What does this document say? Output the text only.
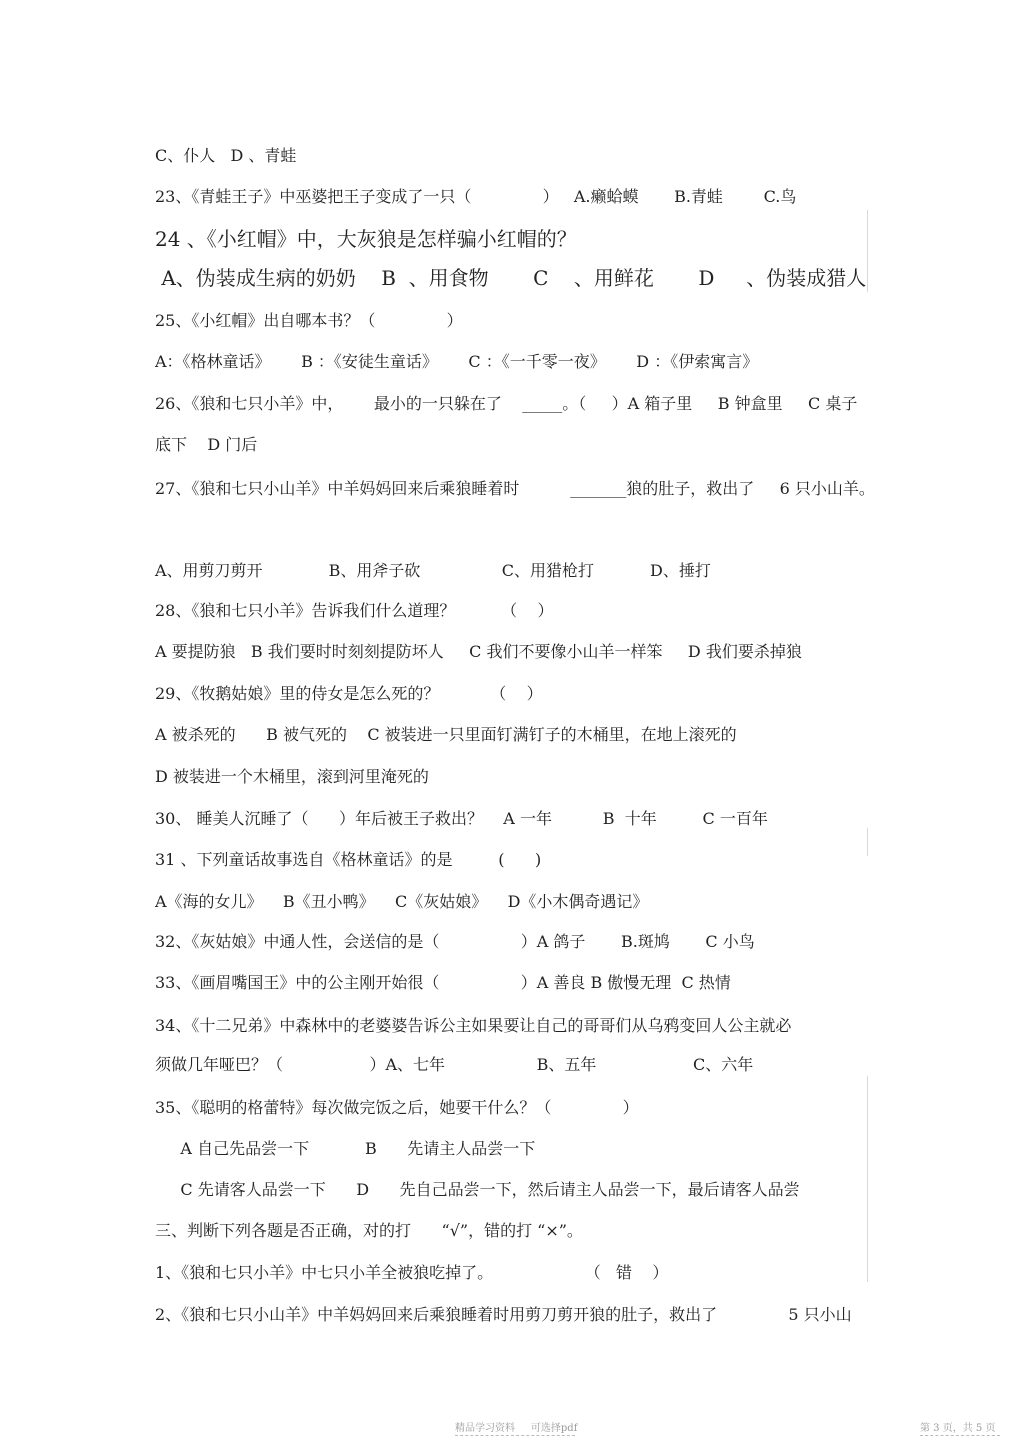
C、仆人   D 、青蛙
23、《青蛙王子》中巫婆把王子变成了一只（              ）   A.癞蛤蟆       B.青蛙        C.鸟
24 、《小红帽》中，大灰狼是怎样骗小红帽的？
A、伪装成生病的奶奶    B  、用食物       C    、用鲜花       D     、伪装成猎人
25、《小红帽》出自哪本书？（              ）
A：《格林童话》      B ：《安徒生童话》      C ：《一千零一夜》      D ：《伊索寓言》
26、《狼和七只小羊》中，      最小的一只躲在了    _____。（     ）A 箱子里     B 钟盒里     C 桌子
底下    D 门后
27、《狼和七只小山羊》中羊妈妈回来后乘狼睡着时          _______狼的肚子，救出了     6 只小山羊。
A、用剪刀剪开             B、用斧子砍                C、用猎枪打           D、捶打
28、《狼和七只小羊》告诉我们什么道理？         （    ）
A 要提防狼   B 我们要时时刻刻提防坏人     C 我们不要像小山羊一样笨     D 我们要杀掉狼
29、《牧鹅姑娘》里的侍女是怎么死的？          （    ）
A 被杀死的      B 被气死的    C 被装进一只里面钉满钉子的木桶里，在地上滚死的
D 被装进一个木桶里，滚到河里淹死的
30、 睡美人沉睡了（      ）年后被王子救出？    A 一年          B  十年         C 一百年
31 、下列童话故事选自《格林童话》的是         (      )
A《海的女儿》    B《丑小鸭》    C《灰姑娘》    D《小木偶奇遇记》
32、《灰姑娘》中通人性，会送信的是（                ）A 鸽子       B.斑鸠       C 小鸟
33、《画眉嘴国王》中的公主刚开始很（                ）A 善良 B 傲慢无理  C 热情
34、《十二兄弟》中森林中的老婆婆告诉公主如果要让自己的哥哥们从乌鸦变回人公主就必
须做几年哑巴？（                 ）A、七年                  B、五年                   C、六年
35、《聪明的格蕾特》每次做完饭之后，她要干什么？（              ）
A 自己先品尝一下           B      先请主人品尝一下
C 先请客人品尝一下      D      先自己品尝一下，然后请主人品尝一下，最后请客人品尝
三、判断下列各题是否正确，对的打      “√”，错的打 “×”。
1、《狼和七只小羊》中七只小羊全被狼吃掉了。                  （   错    ）
2、《狼和七只小山羊》中羊妈妈回来后乘狼睡着时用剪刀剪开狼的肚子，救出了              5 只小山
精品学习资料     可选择pdf	第 3 页，共 5 页
